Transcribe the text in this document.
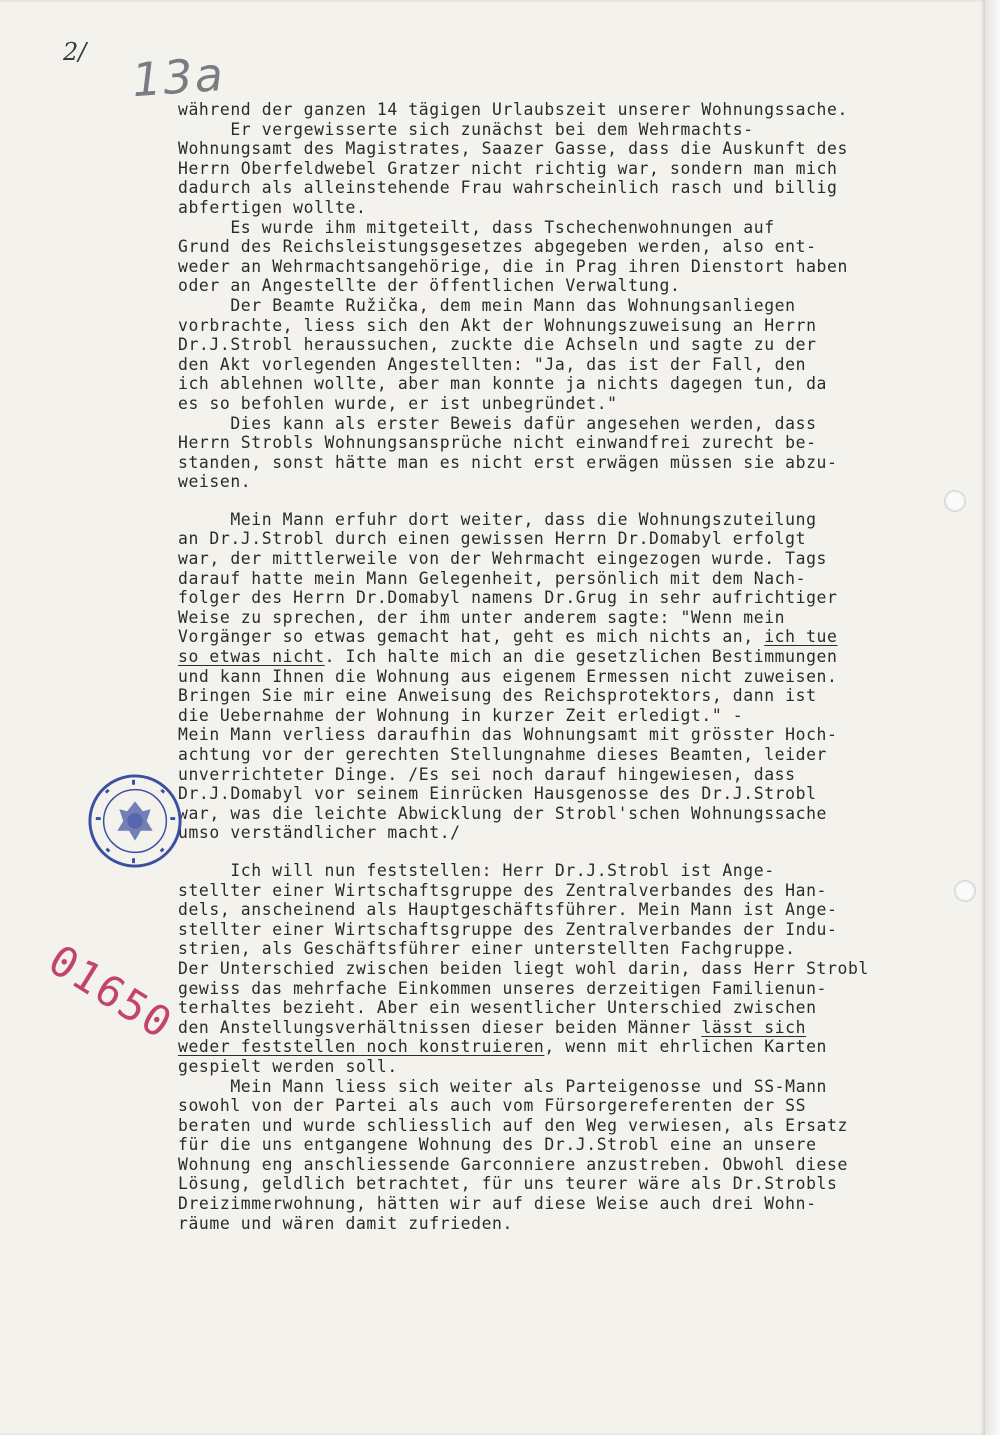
2/ 13a
während der ganzen 14 tägigen Urlaubszeit unserer Wohnungssache.
Er vergewisserte sich zunächst bei dem Wehrmachts-
Wohnungsamt des Magistrates, Saazer Gasse, dass die Auskunft des
Herrn Oberfeldwebel Gratzer nicht richtig war, sondern man mich
dadurch als alleinstehende Frau wahrscheinlich rasch und billig
abfertigen wollte.
Es wurde ihm mitgeteilt, dass Tschechenwohnungen auf
Grund des Reichsleistungsgesetzes abgegeben werden, also ent-
weder an Wehrmachtsangehörige, die in Prag ihren Dienstort haben
oder an Angestellte der öffentlichen Verwaltung.
Der Beamte Ružička, dem mein Mann das Wohnungsanliegen
vorbrachte, liess sich den Akt der Wohnungszuweisung an Herrn
Dr.J.Strobl heraussuchen, zuckte die Achseln und sagte zu der
den Akt vorlegenden Angestellten: "Ja, das ist der Fall, den
ich ablehnen wollte, aber man konnte ja nichts dagegen tun, da
es so befohlen wurde, er ist unbegründet."
Dies kann als erster Beweis dafür angesehen werden, dass
Herrn Strobls Wohnungsansprüche nicht einwandfrei zurecht be-
standen, sonst hätte man es nicht erst erwägen müssen sie abzu-
weisen.
Mein Mann erfuhr dort weiter, dass die Wohnungszuteilung
an Dr.J.Strobl durch einen gewissen Herrn Dr.Domabyl erfolgt
war, der mittlerweile von der Wehrmacht eingezogen wurde. Tags
darauf hatte mein Mann Gelegenheit, persönlich mit dem Nach-
folger des Herrn Dr.Domabyl namens Dr.Grug in sehr aufrichtiger
Weise zu sprechen, der ihm unter anderem sagte: "Wenn mein
Vorgänger so etwas gemacht hat, geht es mich nichts an, ich tue
so etwas nicht. Ich halte mich an die gesetzlichen Bestimmungen
und kann Ihnen die Wohnung aus eigenem Ermessen nicht zuweisen.
Bringen Sie mir eine Anweisung des Reichsprotektors, dann ist
die Uebernahme der Wohnung in kurzer Zeit erledigt." -
Mein Mann verliess daraufhin das Wohnungsamt mit grösster Hoch-
achtung vor der gerechten Stellungnahme dieses Beamten, leider
unverrichteter Dinge. /Es sei noch darauf hingewiesen, dass
Dr.J.Domabyl vor seinem Einrücken Hausgenosse des Dr.J.Strobl
war, was die leichte Abwicklung der Strobl'schen Wohnungssache
umso verständlicher macht./
Ich will nun feststellen: Herr Dr.J.Strobl ist Ange-
stellter einer Wirtschaftsgruppe des Zentralverbandes des Han-
dels, anscheinend als Hauptgeschäftsführer. Mein Mann ist Ange-
stellter einer Wirtschaftsgruppe des Zentralverbandes der Indu-
strien, als Geschäftsführer einer unterstellten Fachgruppe.
Der Unterschied zwischen beiden liegt wohl darin, dass Herr Strobl
gewiss das mehrfache Einkommen unseres derzeitigen Familienun-
terhaltes bezieht. Aber ein wesentlicher Unterschied zwischen
den Anstellungsverhältnissen dieser beiden Männer lässt sich
weder feststellen noch konstruieren, wenn mit ehrlichen Karten
gespielt werden soll.
Mein Mann liess sich weiter als Parteigenosse und SS-Mann
sowohl von der Partei als auch vom Fürsorgereferenten der SS
beraten und wurde schliesslich auf den Weg verwiesen, als Ersatz
für die uns entgangene Wohnung des Dr.J.Strobl eine an unsere
Wohnung eng anschliessende Garconniere anzustreben. Obwohl diese
Lösung, geldlich betrachtet, für uns teurer wäre als Dr.Strobls
Dreizimmerwohnung, hätten wir auf diese Weise auch drei Wohn-
räume und wären damit zufrieden.
01650
